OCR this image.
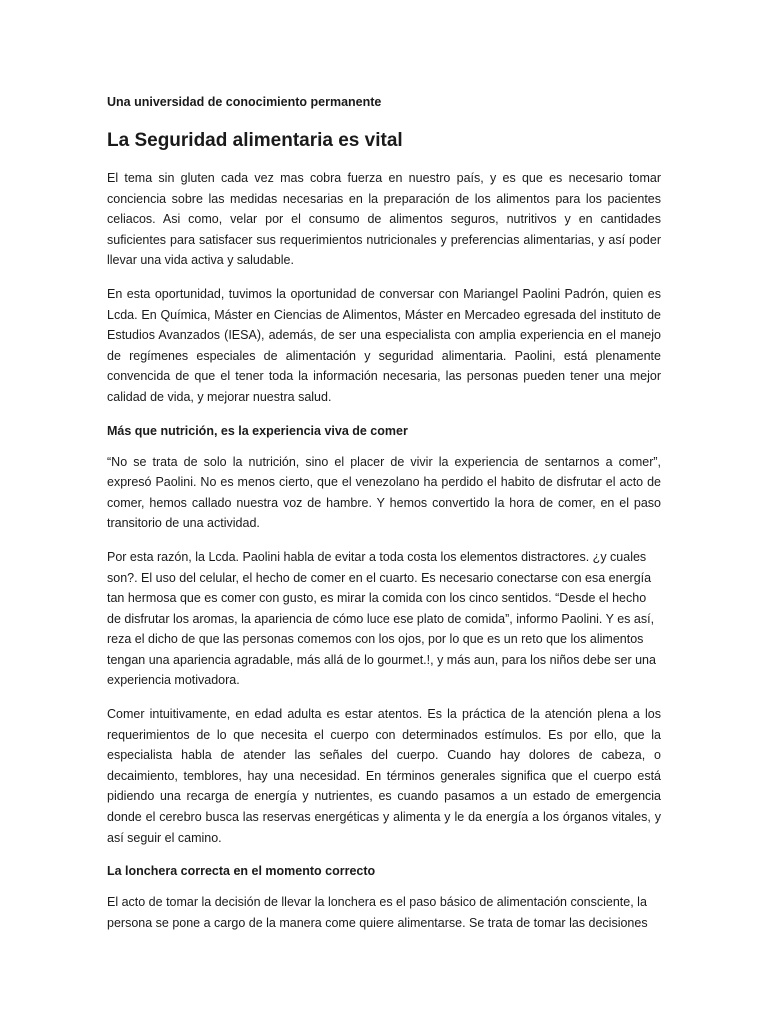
Una universidad de conocimiento permanente

La Seguridad alimentaria es vital

El tema sin gluten cada vez mas cobra fuerza en nuestro país, y es que es necesario tomar conciencia sobre las medidas necesarias en la preparación de los alimentos para los pacientes celiacos. Asi como, velar por el consumo de alimentos seguros, nutritivos y en cantidades suficientes para satisfacer sus requerimientos nutricionales y preferencias alimentarias, y así poder llevar una vida activa y saludable.

En esta oportunidad, tuvimos la oportunidad de conversar con Mariangel Paolini Padrón, quien es Lcda. En Química, Máster en Ciencias de Alimentos, Máster en Mercadeo egresada del instituto de Estudios Avanzados (IESA), además, de ser una especialista con amplia experiencia en el manejo de regímenes especiales de alimentación y seguridad alimentaria. Paolini, está plenamente convencida de que el tener toda la información necesaria, las personas pueden tener una mejor calidad de vida, y mejorar nuestra salud.

Más que nutrición, es la experiencia viva de comer

“No se trata de solo la nutrición, sino el placer de vivir la experiencia de sentarnos a comer”, expresó Paolini. No es menos cierto, que el venezolano ha perdido el habito de disfrutar el acto de comer, hemos callado nuestra voz de hambre. Y hemos convertido la hora de comer, en el paso transitorio de una actividad.

Por esta razón, la Lcda. Paolini habla de evitar a toda costa los elementos distractores. ¿y cuales son?. El uso del celular, el hecho de comer en el cuarto. Es necesario conectarse con esa energía tan hermosa que es comer con gusto, es mirar la comida con los cinco sentidos. “Desde el hecho de disfrutar los aromas, la apariencia de cómo luce ese plato de comida”, informo Paolini. Y es así, reza el dicho de que las personas comemos con los ojos, por lo que es un reto que los alimentos tengan una apariencia agradable, más allá de lo gourmet.!, y más aun, para los niños debe ser una experiencia motivadora.

Comer intuitivamente, en edad adulta es estar atentos. Es la práctica de la atención plena a los requerimientos de lo que necesita el cuerpo con determinados estímulos. Es por ello, que la especialista habla de atender las señales del cuerpo. Cuando hay dolores de cabeza, o decaimiento, temblores, hay una necesidad. En términos generales significa que el cuerpo está pidiendo una recarga de energía y nutrientes, es cuando pasamos a un estado de emergencia donde el cerebro busca las reservas energéticas y alimenta y le da energía a los órganos vitales, y así seguir el camino.

La lonchera correcta en el momento correcto

El acto de tomar la decisión de llevar la lonchera es el paso básico de alimentación consciente, la persona se pone a cargo de la manera come quiere alimentarse. Se trata de tomar las decisiones
